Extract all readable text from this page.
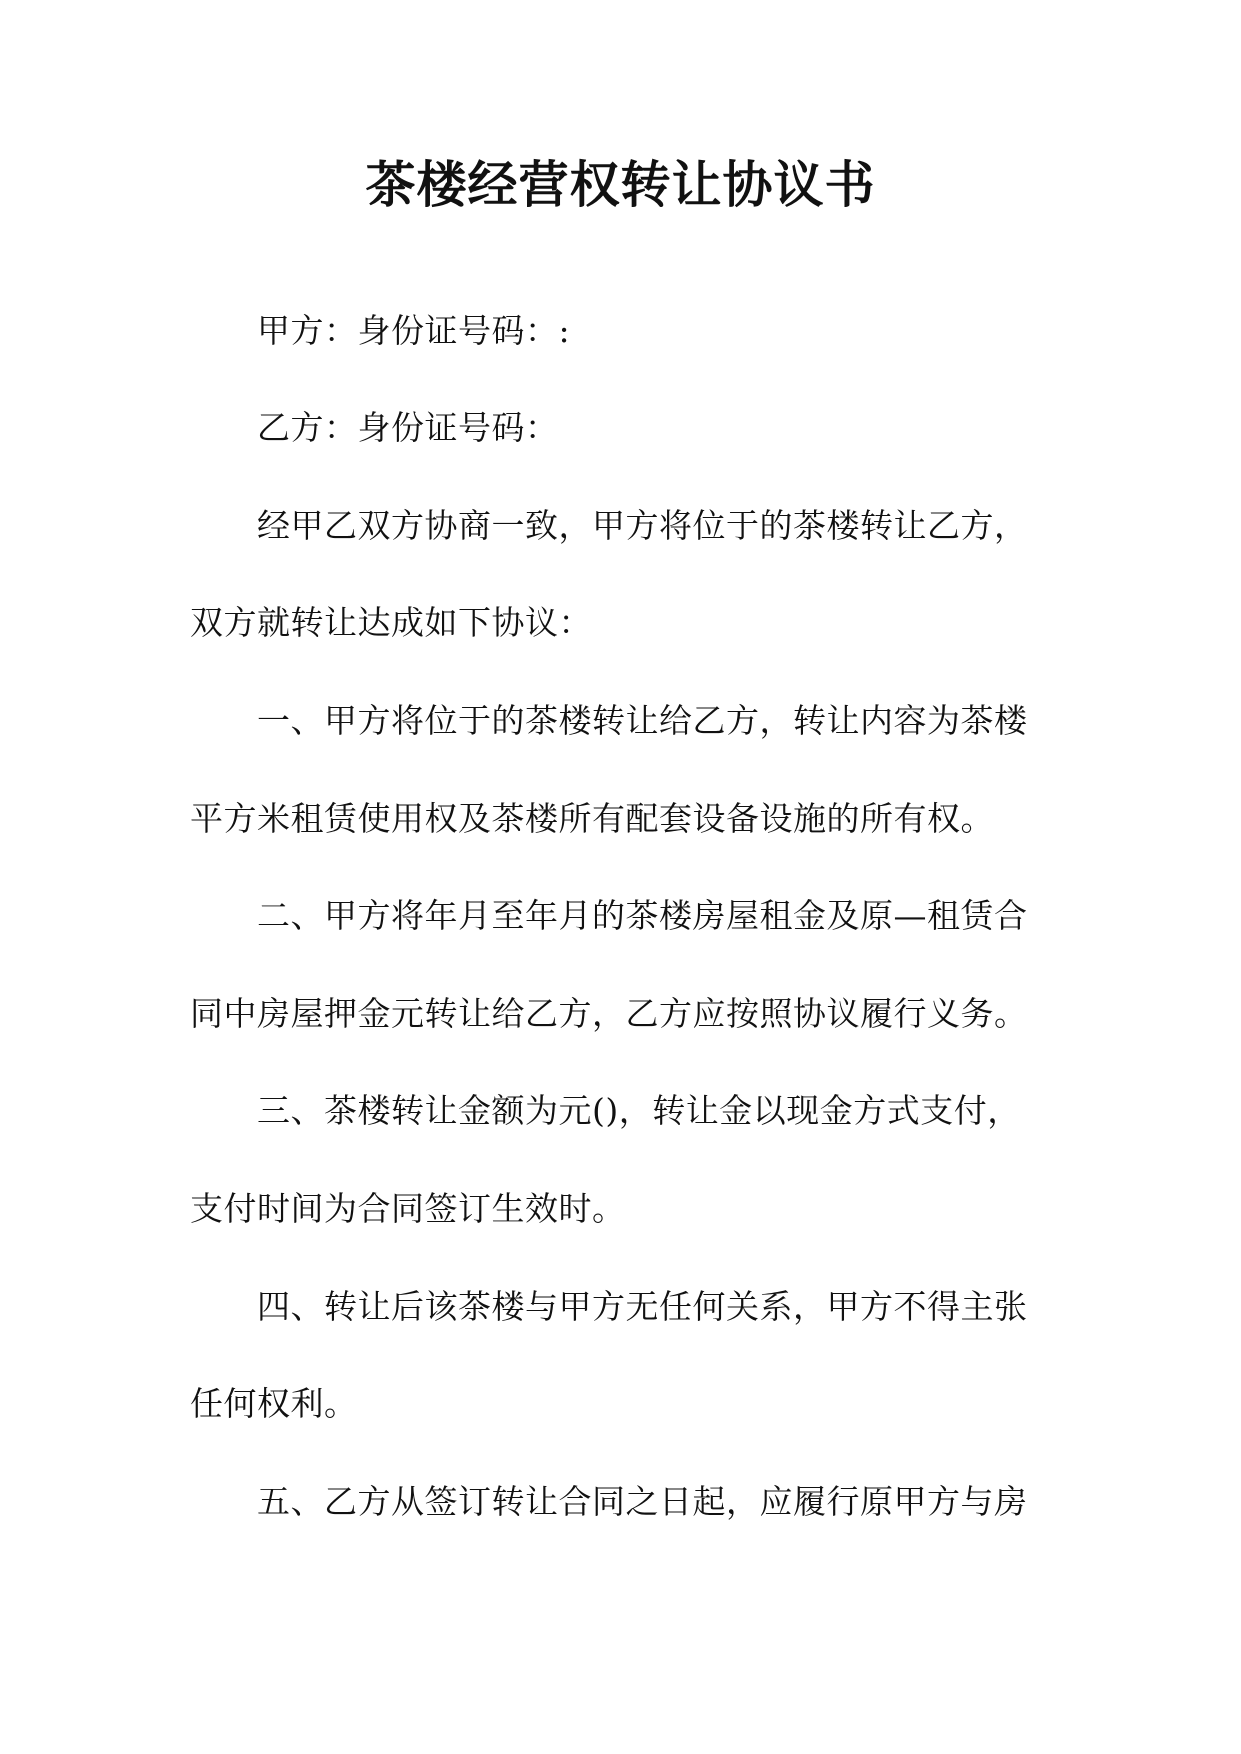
茶楼经营权转让协议书
甲方：身份证号码：:
乙方：身份证号码：
经甲乙双方协商一致，甲方将位于的茶楼转让乙方，
双方就转让达成如下协议：
一、甲方将位于的茶楼转让给乙方，转让内容为茶楼
平方米租赁使用权及茶楼所有配套设备设施的所有权。
二、甲方将年月至年月的茶楼房屋租金及原—租赁合
同中房屋押金元转让给乙方，乙方应按照协议履行义务。
三、茶楼转让金额为元()，转让金以现金方式支付，
支付时间为合同签订生效时。
四、转让后该茶楼与甲方无任何关系，甲方不得主张
任何权利。
五、乙方从签订转让合同之日起，应履行原甲方与房
